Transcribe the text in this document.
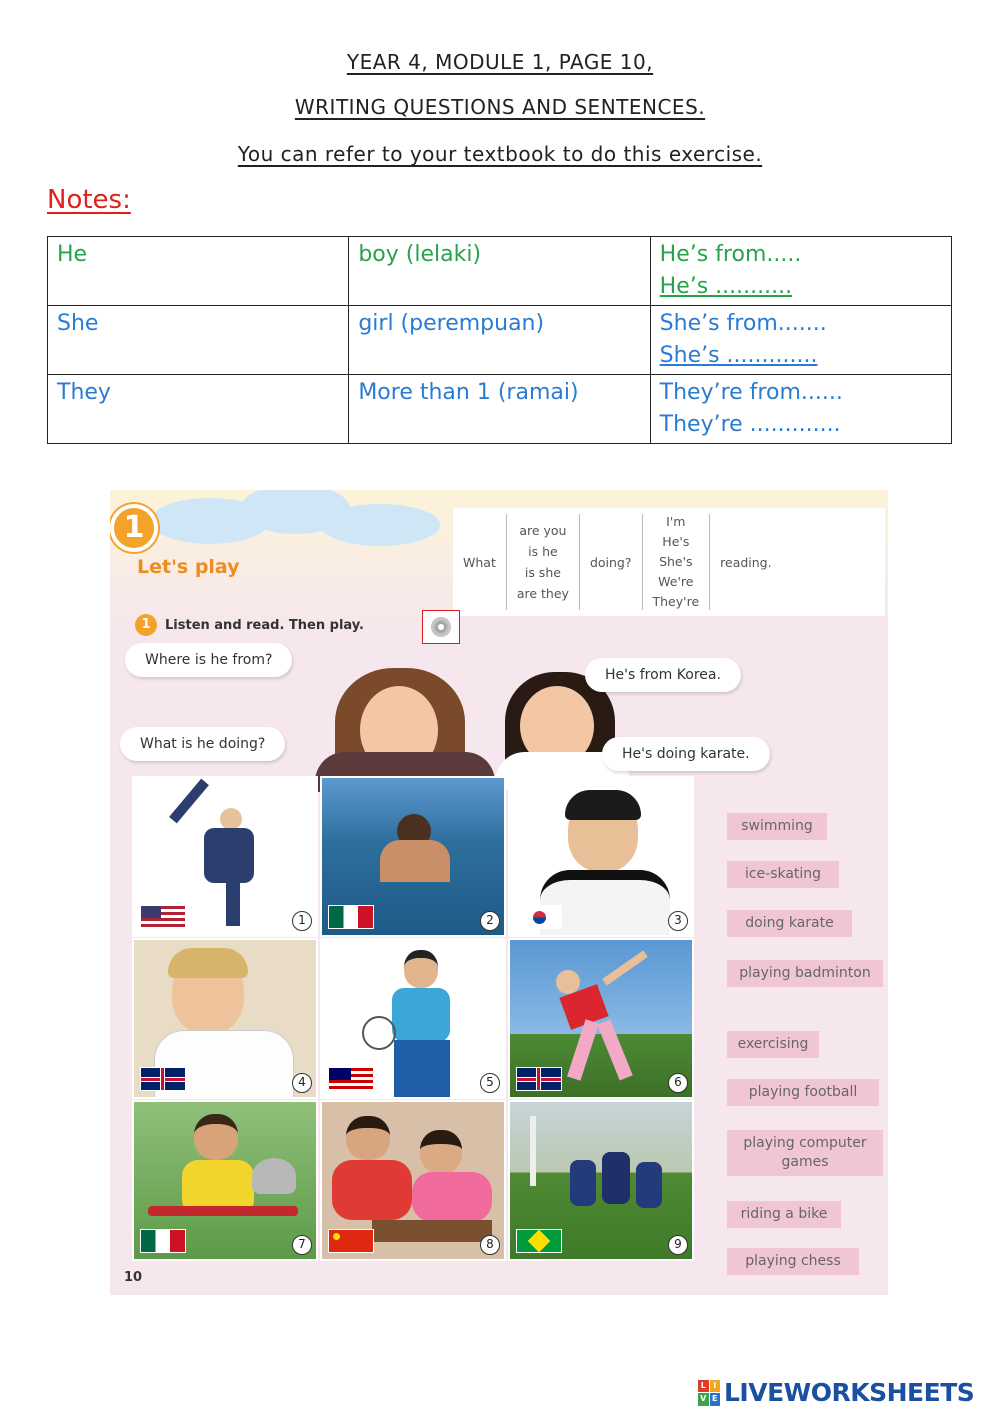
YEAR 4, MODULE 1, PAGE 10,
WRITING QUESTIONS AND SENTENCES.
You can refer to your textbook to do this exercise.
Notes:
He	boy (lelaki)	He’s from.....
He’s ...........

She	girl (perempuan)	She’s from.......
She’s .............

They	More than 1 (ramai)	They’re from......
They’re .............
1
Let's play	What
are you
is he
is she
are they
doing?
I'm
He's
She's
We're
They're
reading.
1	Listen and read. Then play.
Where is he from?
He's from Korea.
What is he doing?
He's doing karate.
1	2	3
4	5	6
7	8	9
swimming
ice-skating
doing karate
playing badminton
exercising
playing football
playing computer games
riding a bike
playing chess
10
L I
V E LIVEWORKSHEETS
